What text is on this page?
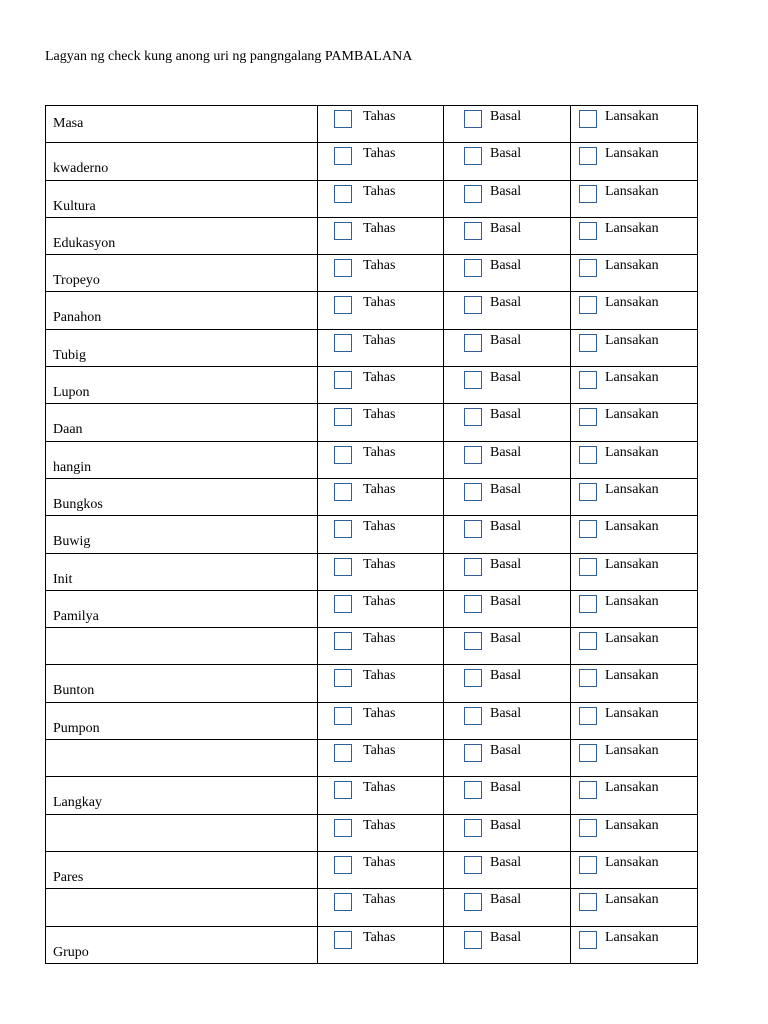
Lagyan ng check kung anong uri ng pangngalang PAMBALANA
Masa	Tahas	Basal	Lansakan

kwaderno	Tahas	Basal	Lansakan

Kultura	Tahas	Basal	Lansakan

Edukasyon	Tahas	Basal	Lansakan

Tropeyo	Tahas	Basal	Lansakan

Panahon	Tahas	Basal	Lansakan

Tubig	Tahas	Basal	Lansakan

Lupon	Tahas	Basal	Lansakan

Daan	Tahas	Basal	Lansakan

hangin	Tahas	Basal	Lansakan

Bungkos	Tahas	Basal	Lansakan

Buwig	Tahas	Basal	Lansakan

Init	Tahas	Basal	Lansakan

Pamilya	Tahas	Basal	Lansakan

	Tahas	Basal	Lansakan

Bunton	Tahas	Basal	Lansakan

Pumpon	Tahas	Basal	Lansakan

	Tahas	Basal	Lansakan

Langkay	Tahas	Basal	Lansakan

	Tahas	Basal	Lansakan

Pares	Tahas	Basal	Lansakan

	Tahas	Basal	Lansakan

Grupo	Tahas	Basal	Lansakan
